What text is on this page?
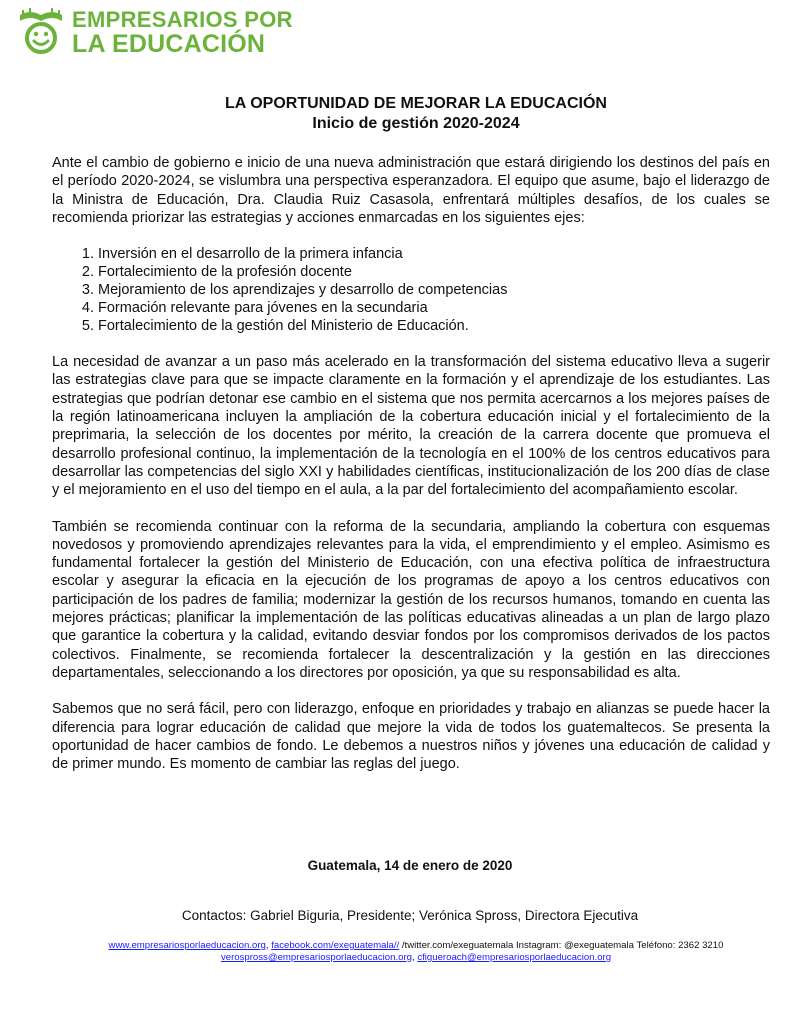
EMPRESARIOS POR
LA EDUCACIÓN
LA OPORTUNIDAD DE MEJORAR LA EDUCACIÓN
Inicio de gestión 2020-2024

Ante el cambio de gobierno e inicio de una nueva administración que estará dirigiendo los destinos del país en el período 2020-2024, se vislumbra una perspectiva esperanzadora. El equipo que asume, bajo el liderazgo de la Ministra de Educación, Dra. Claudia Ruiz Casasola, enfrentará múltiples desafíos, de los cuales se recomienda priorizar las estrategias y acciones enmarcadas en los siguientes ejes:

1. Inversión en el desarrollo de la primera infancia
2. Fortalecimiento de la profesión docente
3. Mejoramiento de los aprendizajes y desarrollo de competencias
4. Formación relevante para jóvenes en la secundaria
5. Fortalecimiento de la gestión del Ministerio de Educación.

La necesidad de avanzar a un paso más acelerado en la transformación del sistema educativo lleva a sugerir las estrategias clave para que se impacte claramente en la formación y el aprendizaje de los estudiantes. Las estrategias que podrían detonar ese cambio en el sistema que nos permita acercarnos a los mejores países de la región latinoamericana incluyen la ampliación de la cobertura educación inicial y el fortalecimiento de la preprimaria, la selección de los docentes por mérito, la creación de la carrera docente que promueva el desarrollo profesional continuo, la implementación de la tecnología en el 100% de los centros educativos para desarrollar las competencias del siglo XXI y habilidades científicas, institucionalización de los 200 días de clase y el mejoramiento en el uso del tiempo en el aula, a la par del fortalecimiento del acompañamiento escolar.

También se recomienda continuar con la reforma de la secundaria, ampliando la cobertura con esquemas novedosos y promoviendo aprendizajes relevantes para la vida, el emprendimiento y el empleo. Asimismo es fundamental fortalecer la gestión del Ministerio de Educación, con una efectiva política de infraestructura escolar y asegurar la eficacia en la ejecución de los programas de apoyo a los centros educativos con participación de los padres de familia; modernizar la gestión de los recursos humanos, tomando en cuenta las mejores prácticas; planificar la implementación de las políticas educativas alineadas a un plan de largo plazo que garantice la cobertura y la calidad, evitando desviar fondos por los compromisos derivados de los pactos colectivos. Finalmente, se recomienda fortalecer la descentralización y la gestión en las direcciones departamentales, seleccionando a los directores por oposición, ya que su responsabilidad es alta.

Sabemos que no será fácil, pero con liderazgo, enfoque en prioridades y trabajo en alianzas se puede hacer la diferencia para lograr educación de calidad que mejore la vida de todos los guatemaltecos. Se presenta la oportunidad de hacer cambios de fondo. Le debemos a nuestros niños y jóvenes una educación de calidad y de primer mundo. Es momento de cambiar las reglas del juego.

Guatemala, 14 de enero de 2020
Contactos: Gabriel Biguria, Presidente; Verónica Spross, Directora Ejecutiva
www.empresariosporlaeducacion.org, facebook.com/exeguatemala// /twitter.com/exeguatemala Instagram: @exeguatemala Teléfono: 2362 3210
verospross@empresariosporlaeducacion.org, cfigueroach@empresariosporlaeducacion.org
